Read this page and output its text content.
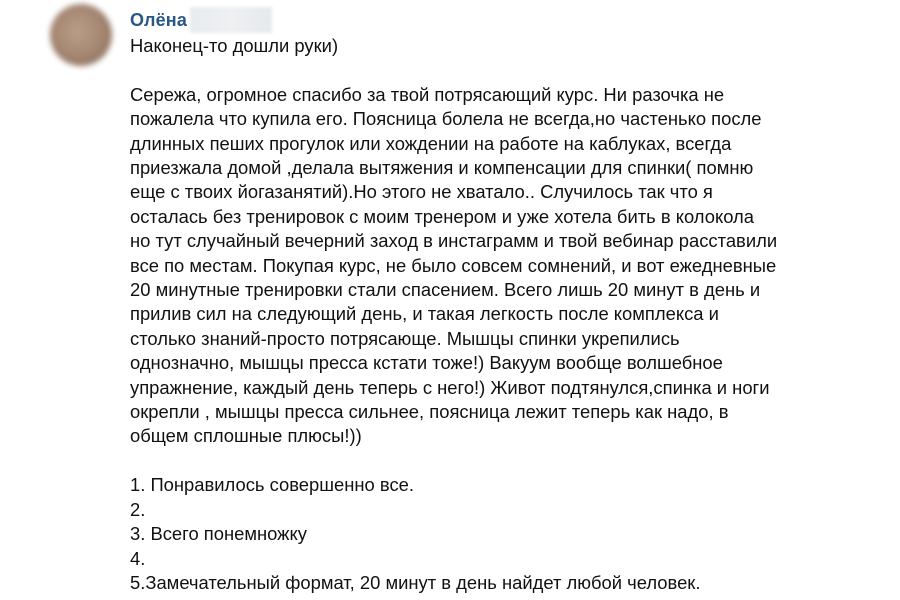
Олёна
Наконец-то дошли руки)
Сережа, огромное спасибо за твой потрясающий курс. Ни разочка не
пожалела что купила его. Поясница болела не всегда,но частенько после
длинных пеших прогулок или хождении на работе на каблуках, всегда
приезжала домой ,делала вытяжения и компенсации для спинки( помню
еще с твоих йогазанятий).Но этого не хватало.. Случилось так что я
осталась без тренировок с моим тренером и уже хотела бить в колокола
но тут случайный вечерний заход в инстаграмм и твой вебинар расставили
все по местам. Покупая курс, не было совсем сомнений, и вот ежедневные
20 минутные тренировки стали спасением. Всего лишь 20 минут в день и
прилив сил на следующий день, и такая легкость после комплекса и
столько знаний-просто потрясающе. Мышцы спинки укрепились
однозначно, мышцы пресса кстати тоже!) Вакуум вообще волшебное
упражнение, каждый день теперь с него!) Живот подтянулся,спинка и ноги
окрепли , мышцы пресса сильнее, поясница лежит теперь как надо, в
общем сплошные плюсы!))
1. Понравилось совершенно все.
2.
3. Всего понемножку
4.
5.Замечательный формат, 20 минут в день найдет любой человек.
